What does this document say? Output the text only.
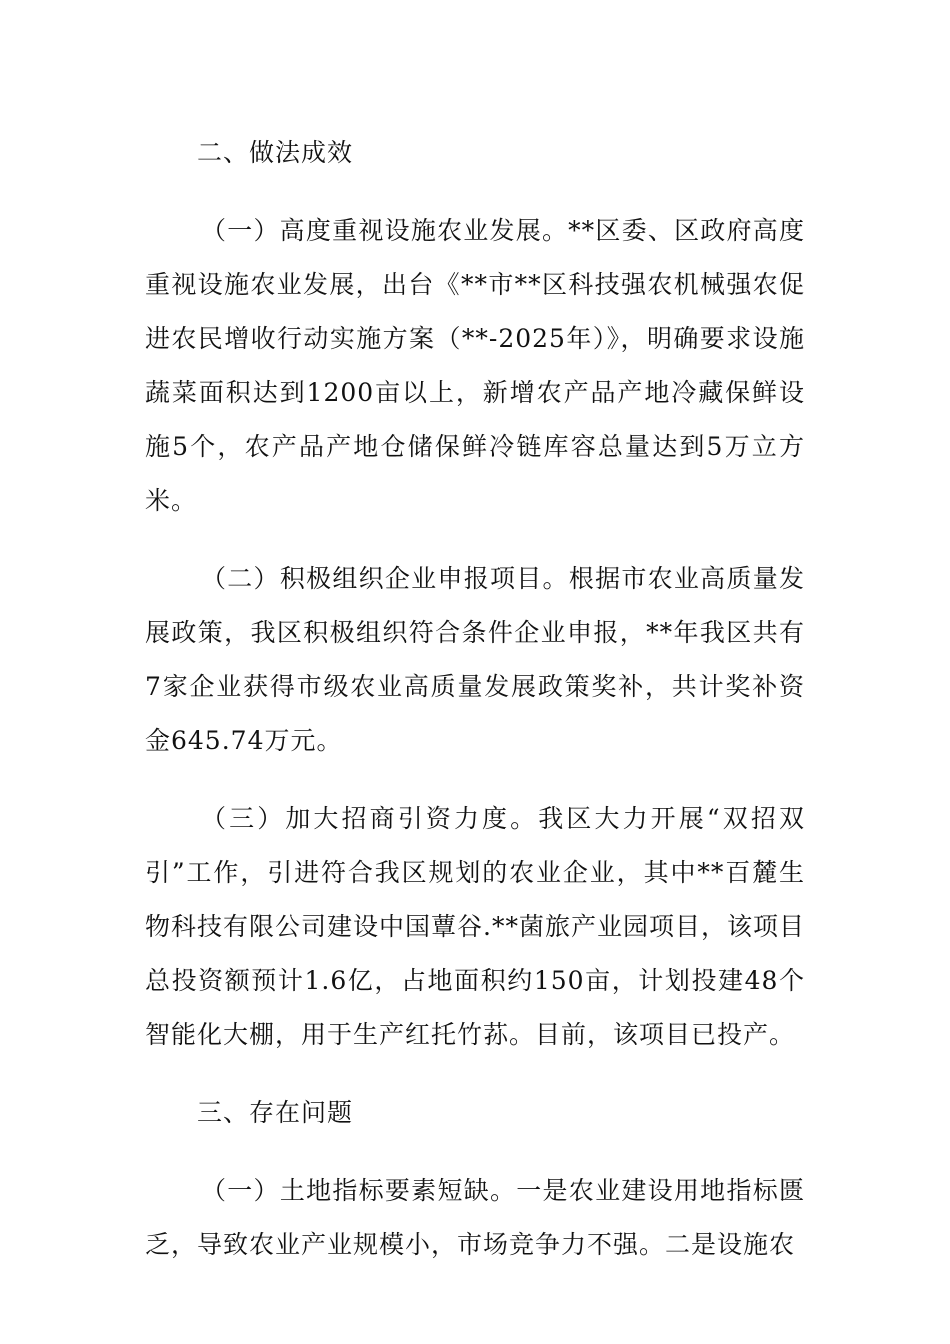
二、做法成效

（一）高度重视设施农业发展。**区委、区政府高度重视设施农业发展，出台《**市**区科技强农机械强农促进农民增收行动实施方案（**-2025年）》，明确要求设施蔬菜面积达到1200亩以上，新增农产品产地冷藏保鲜设施5个，农产品产地仓储保鲜冷链库容总量达到5万立方米。

（二）积极组织企业申报项目。根据市农业高质量发展政策，我区积极组织符合条件企业申报，**年我区共有7家企业获得市级农业高质量发展政策奖补，共计奖补资金645.74万元。

（三）加大招商引资力度。我区大力开展“双招双引”工作，引进符合我区规划的农业企业，其中**百麓生物科技有限公司建设中国蕈谷.**菌旅产业园项目，该项目总投资额预计1.6亿，占地面积约150亩，计划投建48个智能化大棚，用于生产红托竹荪。目前，该项目已投产。

三、存在问题

（一）土地指标要素短缺。一是农业建设用地指标匮乏，导致农业产业规模小，市场竞争力不强。二是设施农
